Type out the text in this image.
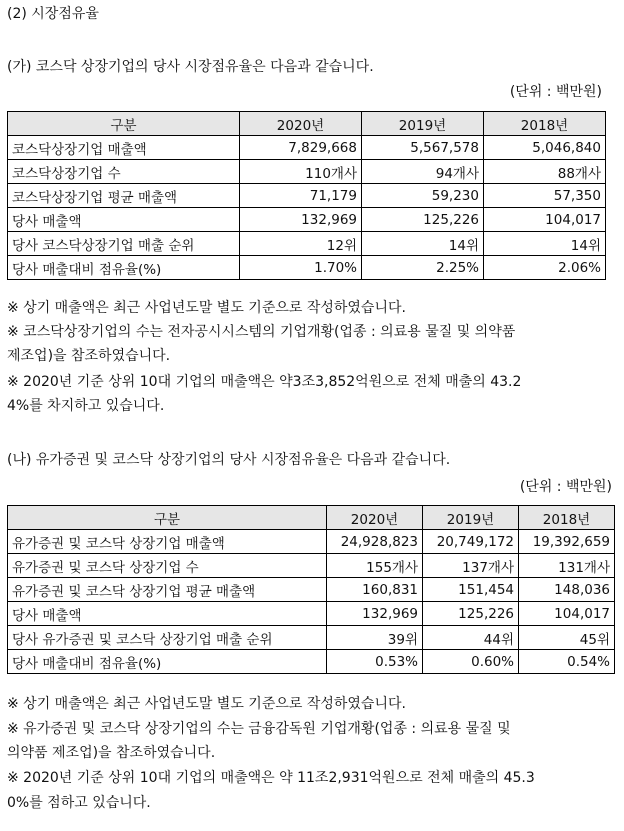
(2) 시장점유율
(가) 코스닥 상장기업의 당사 시장점유율은 다음과 같습니다.
(단위 : 백만원)
구분	2020년	2019년	2018년
코스닥상장기업 매출액	7,829,668	5,567,578	5,046,840
코스닥상장기업 수	110개사	94개사	88개사
코스닥상장기업 평균 매출액	71,179	59,230	57,350
당사 매출액	132,969	125,226	104,017
당사 코스닥상장기업 매출 순위	12위	14위	14위
당사 매출대비 점유율(%)	1.70%	2.25%	2.06%
※ 상기 매출액은 최근 사업년도말 별도 기준으로 작성하였습니다.
※ 코스닥상장기업의 수는 전자공시시스템의 기업개황(업종 : 의료용 물질 및 의약품
제조업)을 참조하였습니다.
※ 2020년 기준 상위 10대 기업의 매출액은 약3조3,852억원으로 전체 매출의 43.2
4%를 차지하고 있습니다.
(나) 유가증권 및 코스닥 상장기업의 당사 시장점유율은 다음과 같습니다.
(단위 : 백만원)
구분	2020년	2019년	2018년
유가증권 및 코스닥 상장기업 매출액	24,928,823	20,749,172	19,392,659
유가증권 및 코스닥 상장기업 수	155개사	137개사	131개사
유가증권 및 코스닥 상장기업 평균 매출액	160,831	151,454	148,036
당사 매출액	132,969	125,226	104,017
당사 유가증권 및 코스닥 상장기업 매출 순위	39위	44위	45위
당사 매출대비 점유율(%)	0.53%	0.60%	0.54%
※ 상기 매출액은 최근 사업년도말 별도 기준으로 작성하였습니다.
※ 유가증권 및 코스닥 상장기업의 수는 금융감독원 기업개황(업종 : 의료용 물질 및
의약품 제조업)을 참조하였습니다.
※ 2020년 기준 상위 10대 기업의 매출액은 약 11조2,931억원으로 전체 매출의 45.3
0%를 점하고 있습니다.
